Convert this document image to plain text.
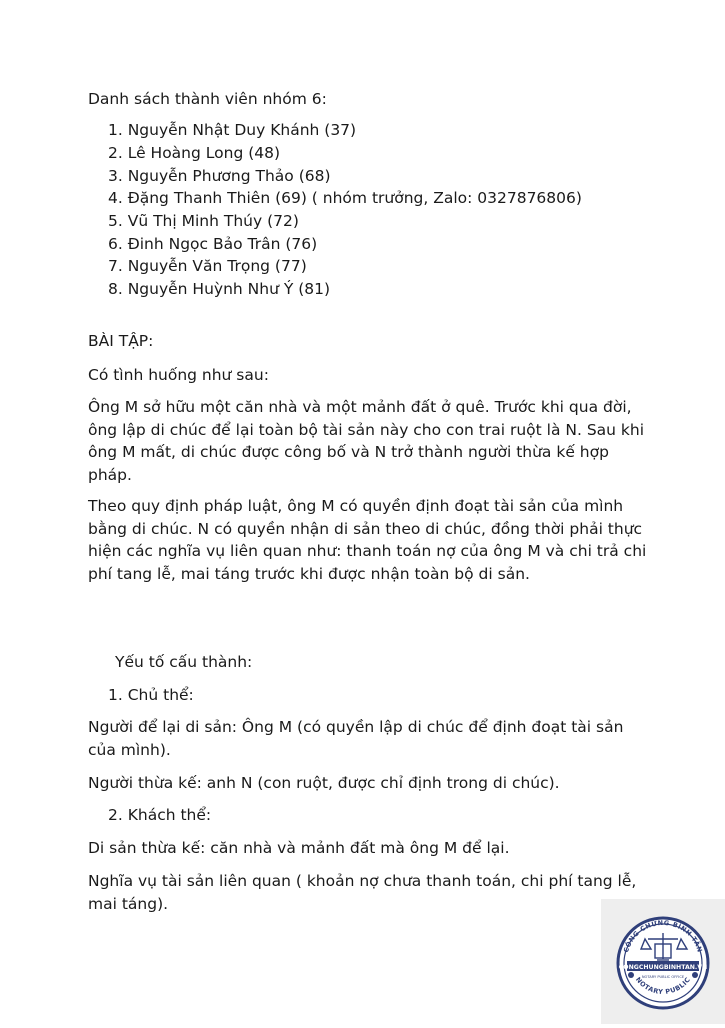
Danh sách thành viên nhóm 6:
1. Nguyễn Nhật Duy Khánh (37)
2. Lê Hoàng Long (48)
3. Nguyễn Phương Thảo (68)
4. Đặng Thanh Thiên (69) ( nhóm trưởng, Zalo: 0327876806)
5. Vũ Thị Minh Thúy (72)
6. Đinh Ngọc Bảo Trân (76)
7. Nguyễn Văn Trọng (77)
8. Nguyễn Huỳnh Như Ý (81)
BÀI TẬP:
Có tình huống như sau:
Ông M sở hữu một căn nhà và một mảnh đất ở quê. Trước khi qua đời, ông lập di chúc để lại toàn bộ tài sản này cho con trai ruột là N. Sau khi ông M mất, di chúc được công bố và N trở thành người thừa kế hợp pháp.
Theo quy định pháp luật, ông M có quyền định đoạt tài sản của mình bằng di chúc. N có quyền nhận di sản theo di chúc, đồng thời phải thực hiện các nghĩa vụ liên quan như: thanh toán nợ của ông M và chi trả chi phí tang lễ, mai táng trước khi được nhận toàn bộ di sản.
Yếu tố cấu thành:
1. Chủ thể:
Người để lại di sản: Ông M (có quyền lập di chúc để định đoạt tài sản của mình).
Người thừa kế: anh N (con ruột, được chỉ định trong di chúc).
2. Khách thể:
Di sản thừa kế: căn nhà và mảnh đất mà ông M để lại.
Nghĩa vụ tài sản liên quan ( khoản nợ chưa thanh toán, chi phí tang lễ, mai táng).
CÔNG CHỨNG BÌNH TÂN
CONGCHUNGBINHTAN.VN
NOTARY PUBLIC OFFICE
NOTARY PUBLIC
